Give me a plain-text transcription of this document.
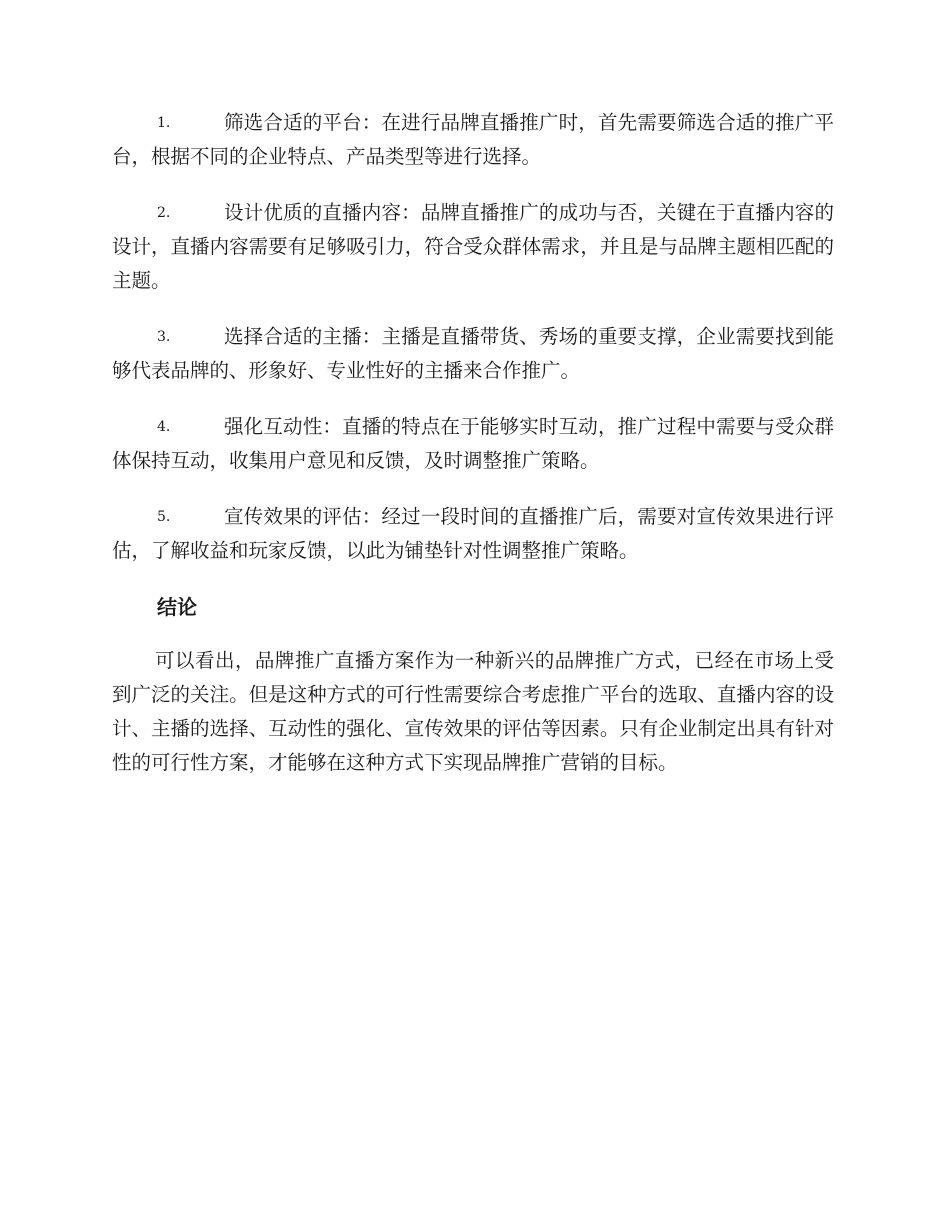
1.	筛选合适的平台：在进行品牌直播推广时，首先需要筛选合适的推广平台，根据不同的企业特点、产品类型等进行选择。
2.	设计优质的直播内容：品牌直播推广的成功与否，关键在于直播内容的设计，直播内容需要有足够吸引力，符合受众群体需求，并且是与品牌主题相匹配的主题。
3.	选择合适的主播：主播是直播带货、秀场的重要支撑，企业需要找到能够代表品牌的、形象好、专业性好的主播来合作推广。
4.	强化互动性：直播的特点在于能够实时互动，推广过程中需要与受众群体保持互动，收集用户意见和反馈，及时调整推广策略。
5.	宣传效果的评估：经过一段时间的直播推广后，需要对宣传效果进行评估，了解收益和玩家反馈，以此为铺垫针对性调整推广策略。
结论

可以看出，品牌推广直播方案作为一种新兴的品牌推广方式，已经在市场上受到广泛的关注。但是这种方式的可行性需要综合考虑推广平台的选取、直播内容的设计、主播的选择、互动性的强化、宣传效果的评估等因素。只有企业制定出具有针对性的可行性方案，才能够在这种方式下实现品牌推广营销的目标。
